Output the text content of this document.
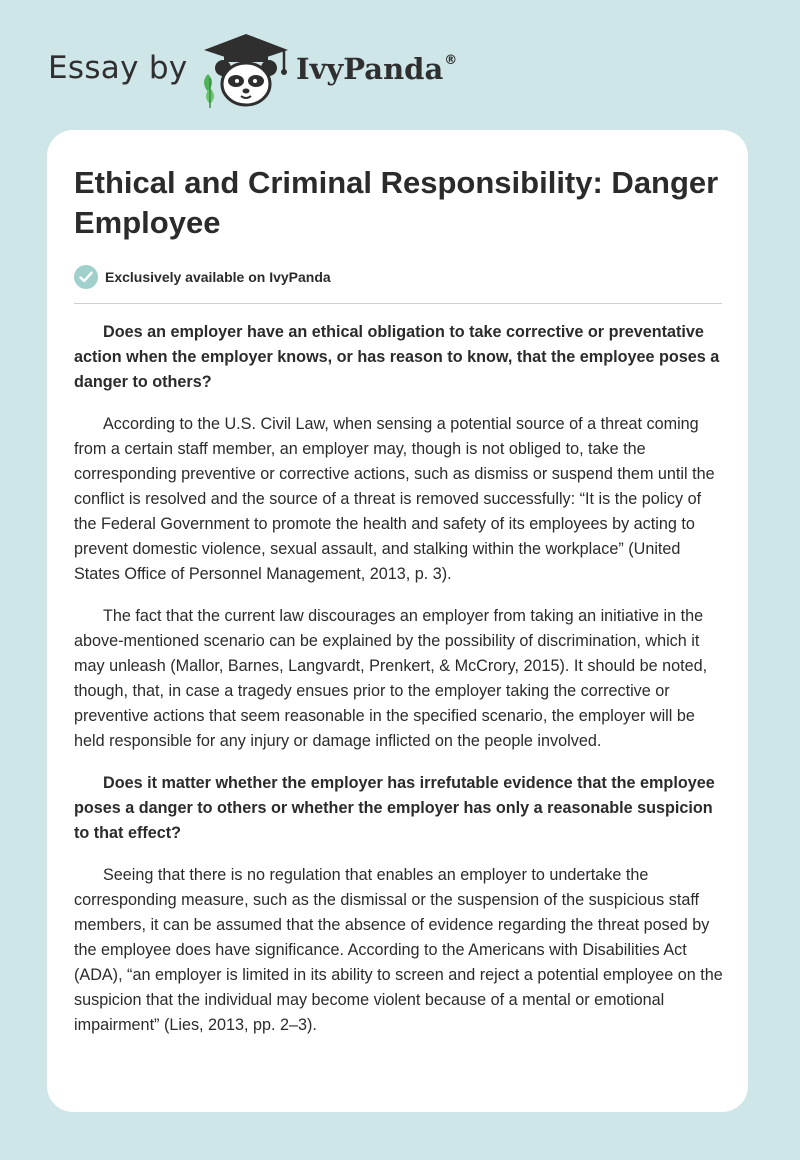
Essay by	IvyPanda®
Ethical and Criminal Responsibility: Danger Employee
Exclusively available on IvyPanda

Does an employer have an ethical obligation to take corrective or preventative action when the employer knows, or has reason to know, that the employee poses a danger to others?

According to the U.S. Civil Law, when sensing a potential source of a threat coming from a certain staff member, an employer may, though is not obliged to, take the corresponding preventive or corrective actions, such as dismiss or suspend them until the conflict is resolved and the source of a threat is removed successfully: “It is the policy of the Federal Government to promote the health and safety of its employees by acting to prevent domestic violence, sexual assault, and stalking within the workplace” (United States Office of Personnel Management, 2013, p. 3).

The fact that the current law discourages an employer from taking an initiative in the above-mentioned scenario can be explained by the possibility of discrimination, which it may unleash (Mallor, Barnes, Langvardt, Prenkert, & McCrory, 2015). It should be noted, though, that, in case a tragedy ensues prior to the employer taking the corrective or preventive actions that seem reasonable in the specified scenario, the employer will be held responsible for any injury or damage inflicted on the people involved.

Does it matter whether the employer has irrefutable evidence that the employee poses a danger to others or whether the employer has only a reasonable suspicion to that effect?

Seeing that there is no regulation that enables an employer to undertake the corresponding measure, such as the dismissal or the suspension of the suspicious staff members, it can be assumed that the absence of evidence regarding the threat posed by the employee does have significance. According to the Americans with Disabilities Act (ADA), “an employer is limited in its ability to screen and reject a potential employee on the suspicion that the individual may become violent because of a mental or emotional impairment” (Lies, 2013, pp. 2–3).
